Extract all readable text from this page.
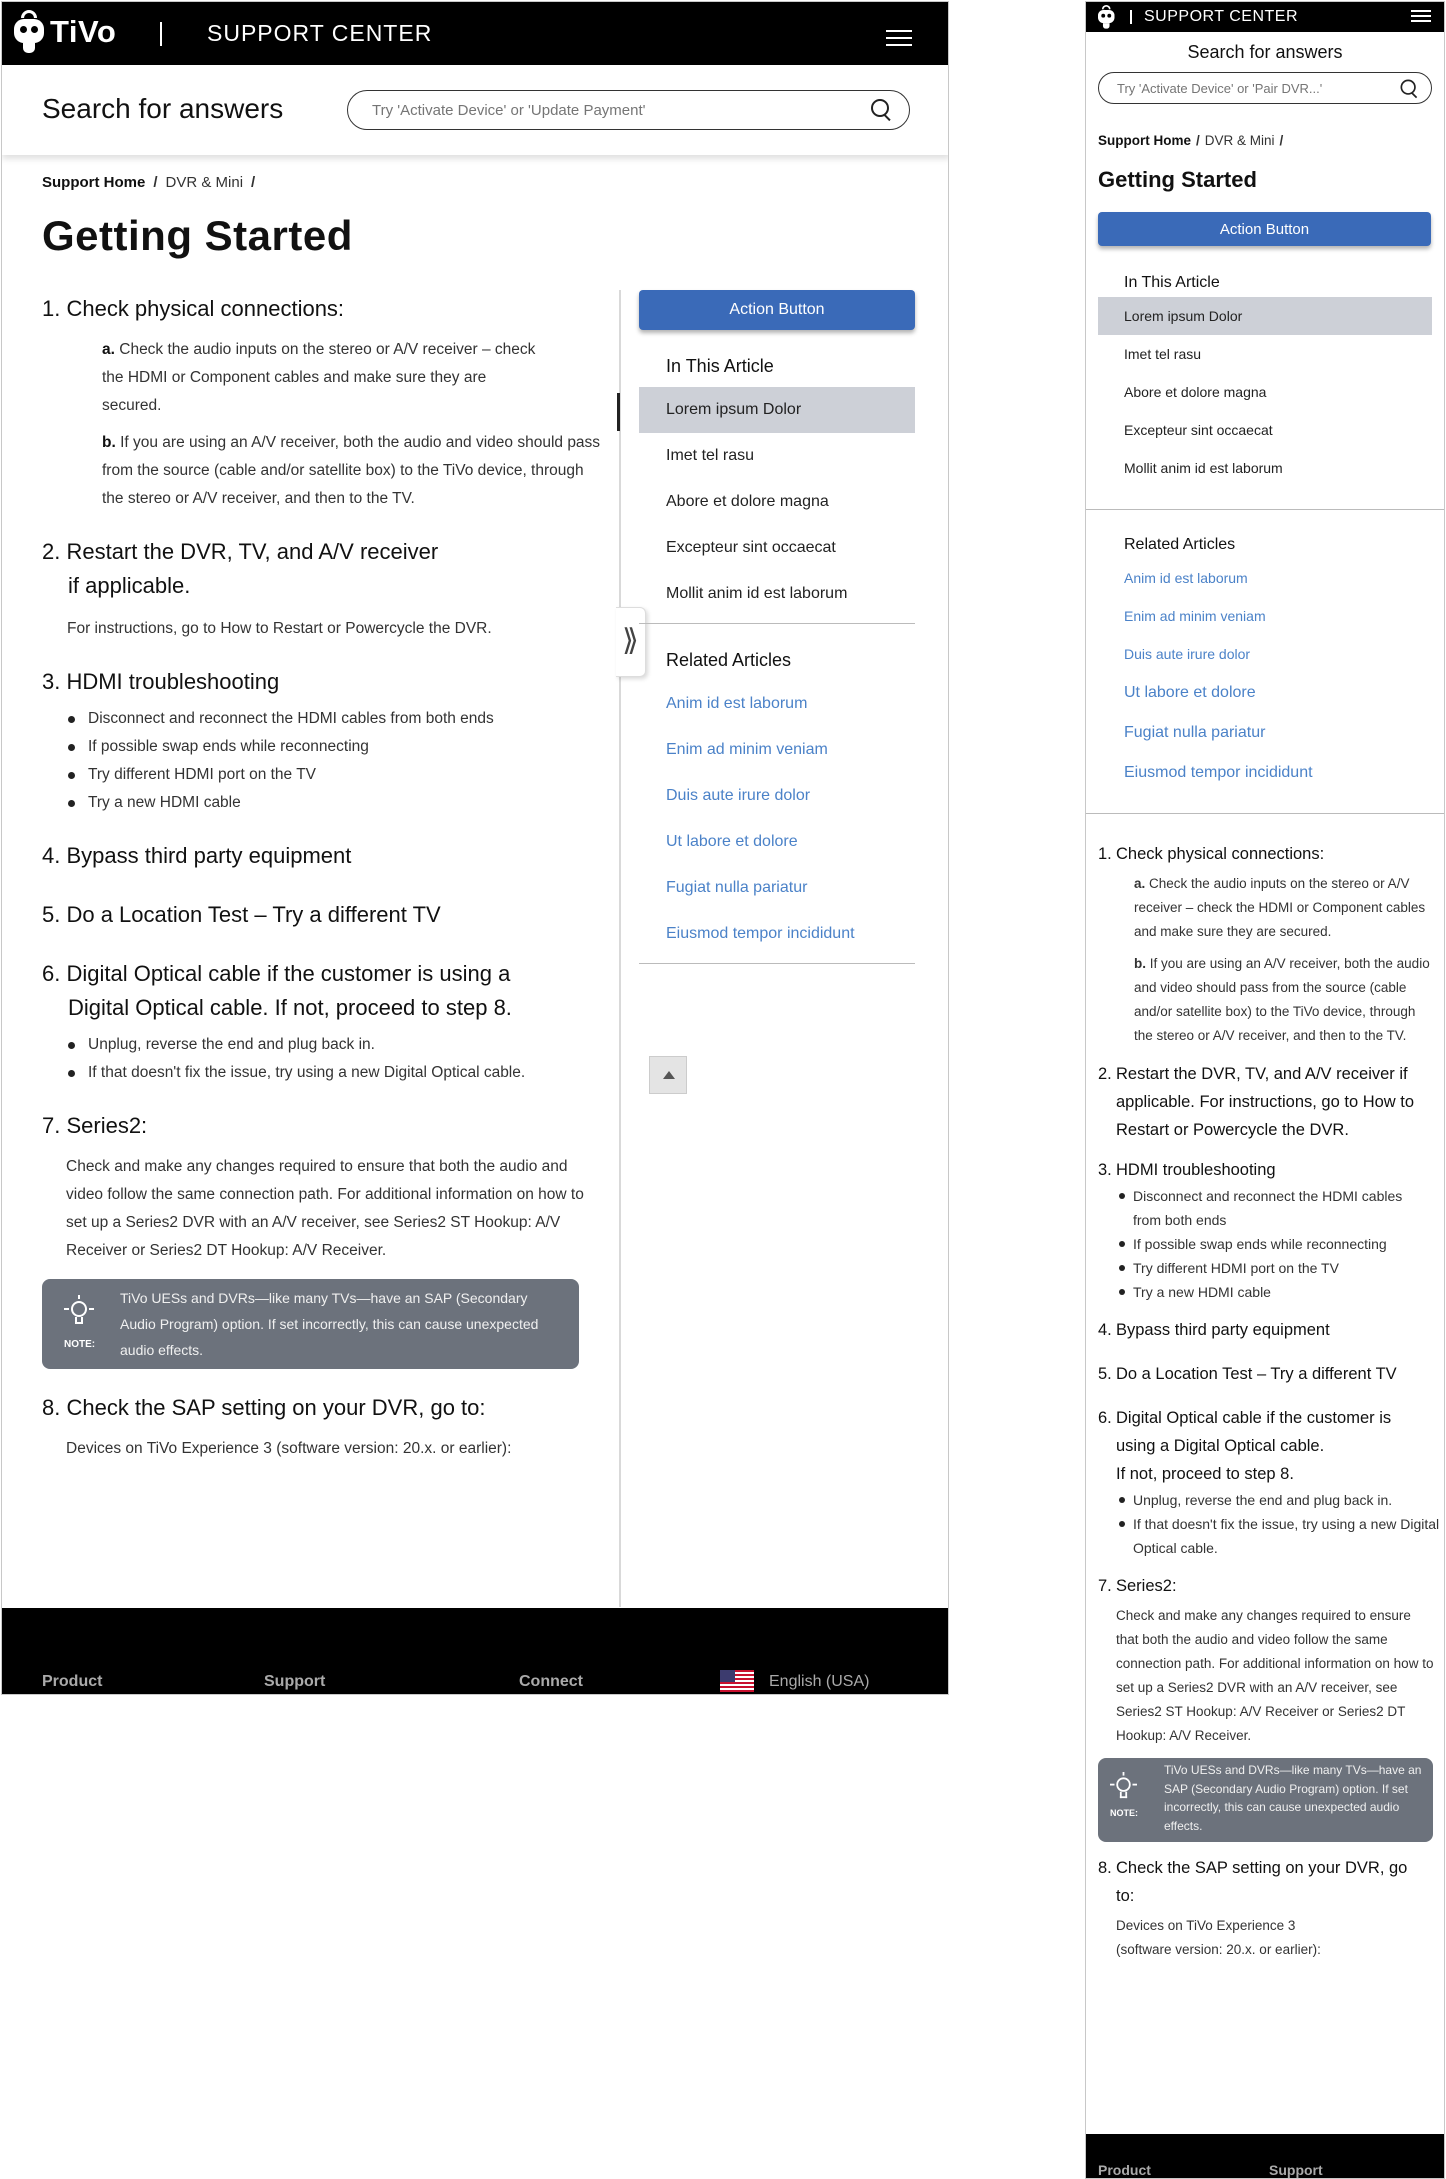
TiVo	SUPPORT CENTER
Search for answers
Try 'Activate Device' or 'Update Payment'
Support Home / DVR & Mini /
Getting Started
1. Check physical connections:
a. Check the audio inputs on the stereo or A/V receiver – check the HDMI or Component cables and make sure they are secured.
b. If you are using an A/V receiver, both the audio and video should pass from the source (cable and/or satellite box) to the TiVo device, through the stereo or A/V receiver, and then to the TV.
2. Restart the DVR, TV, and A/V receiver
if applicable.
For instructions, go to How to Restart or Powercycle the DVR.
3. HDMI troubleshooting
Disconnect and reconnect the HDMI cables from both ends
If possible swap ends while reconnecting
Try different HDMI port on the TV
Try a new HDMI cable
4. Bypass third party equipment
5. Do a Location Test – Try a different TV
6. Digital Optical cable if the customer is using a
Digital Optical cable. If not, proceed to step 8.
Unplug, reverse the end and plug back in.
If that doesn't fix the issue, try using a new Digital Optical cable.
7. Series2:
Check and make any changes required to ensure that both the audio and video follow the same connection path. For additional information on how to set up a Series2 DVR with an A/V receiver, see Series2 ST Hookup: A/V Receiver or Series2 DT Hookup: A/V Receiver.
NOTE:
TiVo UESs and DVRs—like many TVs—have an SAP (Secondary Audio Program) option. If set incorrectly, this can cause unexpected audio effects.
8. Check the SAP setting on your DVR, go to:
Devices on TiVo Experience 3 (software version: 20.x. or earlier):
⟫
Action Button
In This Article
Lorem ipsum Dolor
Imet tel rasu
Abore et dolore magna
Excepteur sint occaecat
Mollit anim id est laborum
Related Articles
Anim id est laborum
Enim ad minim veniam
Duis aute irure dolor
Ut labore et dolore
Fugiat nulla pariatur
Eiusmod tempor incididunt
Product	Support	Connect	English (USA)
SUPPORT CENTER
Search for answers
Try 'Activate Device' or 'Pair DVR...'
Support Home / DVR & Mini /
Getting Started
Action Button
In This Article
Lorem ipsum Dolor
Imet tel rasu
Abore et dolore magna
Excepteur sint occaecat
Mollit anim id est laborum
Related Articles
Anim id est laborum
Enim ad minim veniam
Duis aute irure dolor
Ut labore et dolore
Fugiat nulla pariatur
Eiusmod tempor incididunt
1. Check physical connections:
a. Check the audio inputs on the stereo or A/V receiver – check the HDMI or Component cables and make sure they are secured.
b. If you are using an A/V receiver, both the audio and video should pass from the source (cable and/or satellite box) to the TiVo device, through the stereo or A/V receiver, and then to the TV.
2. Restart the DVR, TV, and A/V receiver if applicable. For instructions, go to How to Restart or Powercycle the DVR.
3. HDMI troubleshooting
Disconnect and reconnect the HDMI cables from both ends
If possible swap ends while reconnecting
Try different HDMI port on the TV
Try a new HDMI cable
4. Bypass third party equipment
5. Do a Location Test – Try a different TV
6. Digital Optical cable if the customer is using a Digital Optical cable.
If not, proceed to step 8.
Unplug, reverse the end and plug back in.
If that doesn't fix the issue, try using a new Digital Optical cable.
7. Series2:
Check and make any changes required to ensure that both the audio and video follow the same connection path. For additional information on how to set up a Series2 DVR with an A/V receiver, see Series2 ST Hookup: A/V Receiver or Series2 DT Hookup: A/V Receiver.
NOTE:
TiVo UESs and DVRs—like many TVs—have an SAP (Secondary Audio Program) option. If set incorrectly, this can cause unexpected audio effects.
8. Check the SAP setting on your DVR, go to:
Devices on TiVo Experience 3
(software version: 20.x. or earlier):
Product	Support
